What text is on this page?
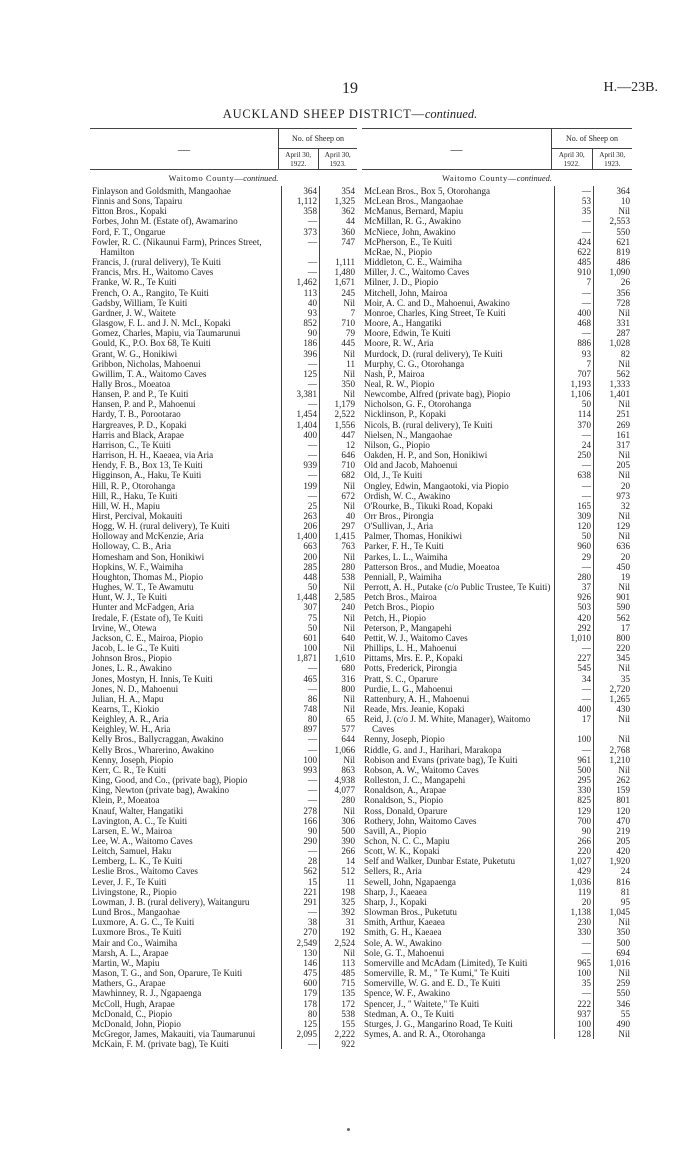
19	H.—23B.
AUCKLAND SHEEP DISTRICT—continued.
—
No. of Sheep on
April 30, 1922.
April 30, 1923.
Waitomo County—continued.
Finlayson and Goldsmith, Mangaohae	364	354
Finnis and Sons, Tapairu	1,112	1,325
Fitton Bros., Kopaki	358	362
Forbes, John M. (Estate of), Awamarino	—	44
Ford, F. T., Ongarue	373	360
Fowler, R. C. (Nikaunui Farm), Princes Street, Hamilton
—	747
Francis, J. (rural delivery), Te Kuiti	—	1,111
Francis, Mrs. H., Waitomo Caves	—	1,480
Franke, W. R., Te Kuiti	1,462	1,671
French, O. A., Rangito, Te Kuiti	113	245
Gadsby, William, Te Kuiti	40	Nil
Gardner, J. W., Waitete	93	7
Glasgow, F. L. and J. N. McI., Kopaki	852	710
Gomez, Charles, Mapiu, via Taumarunui	90	79
Gould, K., P.O. Box 68, Te Kuiti	186	445
Grant, W. G., Honikiwi	396	Nil
Gribbon, Nicholas, Mahoenui	—	11
Gwillim, T. A., Waitomo Caves	125	Nil
Hally Bros., Moeatoa	—	350
Hansen, P. and P., Te Kuiti	3,381	Nil
Hansen, P. and P., Mahoenui	—	1,179
Hardy, T. B., Porootarao	1,454	2,522
Hargreaves, P. D., Kopaki	1,404	1,556
Harris and Black, Arapae	400	447
Harrison, C., Te Kuiti	—	12
Harrison, H. H., Kaeaea, via Aria	—	646
Hendy, F. B., Box 13, Te Kuiti	939	710
Higginson, A., Haku, Te Kuiti	—	682
Hill, R. P., Otorohanga	199	Nil
Hill, R., Haku, Te Kuiti	—	672
Hill, W. H., Mapiu	25	Nil
Hirst, Percival, Mokauiti	263	40
Hogg, W. H. (rural delivery), Te Kuiti	206	297
Holloway and McKenzie, Aria	1,400	1,415
Holloway, C. B., Aria	663	763
Homesham and Son, Honikiwi	200	Nil
Hopkins, W. F., Waimiha	285	280
Houghton, Thomas M., Piopio	448	538
Hughes, W. T., Te Awamutu	50	Nil
Hunt, W. J., Te Kuiti	1,448	2,585
Hunter and McFadgen, Aria	307	240
Iredale, F. (Estate of), Te Kuiti	75	Nil
Irvine, W., Otewa	50	Nil
Jackson, C. E., Mairoa, Piopio	601	640
Jacob, L. le G., Te Kuiti	100	Nil
Johnson Bros., Piopio	1,871	1,610
Jones, L. R., Awakino	—	680
Jones, Mostyn, H. Innis, Te Kuiti	465	316
Jones, N. D., Mahoenui	—	800
Julian, H. A., Mapu	86	Nil
Kearns, T., Kiokio	748	Nil
Keighley, A. R., Aria	80	65
Keighley, W. H., Aria	897	577
Kelly Bros., Ballycraggan, Awakino	—	644
Kelly Bros., Wharerino, Awakino	—	1,066
Kenny, Joseph, Piopio	100	Nil
Kerr, C. R., Te Kuiti	993	863
King, Good, and Co., (private bag), Piopio	—	4,938
King, Newton (private bag), Awakino	—	4,077
Klein, P., Moeatoa	—	280
Knauf, Walter, Hangatiki	278	Nil
Lavington, A. C., Te Kuiti	166	306
Larsen, E. W., Mairoa	90	500
Lee, W. A., Waitomo Caves	290	390
Leitch, Samuel, Haku	—	266
Lemberg, L. K., Te Kuiti	28	14
Leslie Bros., Waitomo Caves	562	512
Lever, J. F., Te Kuiti	15	11
Livingstone, R., Piopio	221	198
Lowman, J. B. (rural delivery), Waitanguru	291	325
Lund Bros., Mangaohae	—	392
Luxmore, A. G. C., Te Kuiti	38	31
Luxmore Bros., Te Kuiti	270	192
Mair and Co., Waimiha	2,549	2,524
Marsh, A. L., Arapae	130	Nil
Martin, W., Mapiu	146	113
Mason, T. G., and Son, Oparure, Te Kuiti	475	485
Mathers, G., Arapae	600	715
Mawhinney, R. J., Ngapaenga	179	135
McColl, Hugh, Arapae	178	172
McDonald, C., Piopio	80	538
McDonald, John, Piopio	125	155
McGregor, James, Makauiti, via Taumarunui	2,095	2,222
McKain, F. M. (private bag), Te Kuiti	—	922
—
No. of Sheep on
April 30, 1922.
April 30, 1923.
Waitomo County—continued.
McLean Bros., Box 5, Otorohanga	—	364
McLean Bros., Mangaohae	53	10
McManus, Bernard, Mapiu	35	Nil
McMillan, R. G., Awakino	—	2,553
McNiece, John, Awakino	—	550
McPherson, E., Te Kuiti	424	621
McRae, N., Piopio	622	819
Middleton, C. E., Waimiha	485	486
Miller, J. C., Waitomo Caves	910	1,090
Milner, J. D., Piopio	7	26
Mitchell, John, Mairoa	—	356
Moir, A. C. and D., Mahoenui, Awakino	—	728
Monroe, Charles, King Street, Te Kuiti	400	Nil
Moore, A., Hangatiki	468	331
Moore, Edwin, Te Kuiti	—	287
Moore, R. W., Aria	886	1,028
Murdock, D. (rural delivery), Te Kuiti	93	82
Murphy, C. G., Otorohanga	7	Nil
Nash, P., Mairoa	707	562
Neal, R. W., Piopio	1,193	1,333
Newcombe, Alfred (private bag), Piopio	1,106	1,401
Nicholson, G. F., Otorohanga	50	Nil
Nicklinson, P., Kopaki	114	251
Nicols, B. (rural delivery), Te Kuiti	370	269
Nielsen, N., Mangaohae	—	161
Nilson, G., Piopio	24	317
Oakden, H. P., and Son, Honikiwi	250	Nil
Old and Jacob, Mahoenui	—	205
Old, J., Te Kuiti	638	Nil
Ongley, Edwin, Mangaotoki, via Piopio	—	20
Ordish, W. C., Awakino	—	973
O'Rourke, B., Tikuki Road, Kopaki	165	32
Orr Bros., Pirongia	309	Nil
O'Sullivan, J., Aria	120	129
Palmer, Thomas, Honikiwi	50	Nil
Parker, F. H., Te Kuiti	960	636
Parkes, L. L., Waimiha	29	20
Patterson Bros., and Mudie, Moeatoa	—	450
Penniall, P., Waimiha	280	19
Perrott, A. H., Putake (c/o Public Trustee, Te Kuiti)	37	Nil
Petch Bros., Mairoa	926	901
Petch Bros., Piopio	503	590
Petch, H., Piopio	420	562
Peterson, P., Mangapehi	292	17
Pettit, W. J., Waitomo Caves	1,010	800
Phillips, L. H., Mahoenui	—	220
Pittams, Mrs. E. P., Kopaki	227	345
Potts, Frederick, Pirongia	545	Nil
Pratt, S. C., Oparure	34	35
Purdie, L. G., Mahoenui	—	2,720
Rattenbury, A. H., Mahoenui	—	1,265
Reade, Mrs. Jeanie, Kopaki	400	430
Reid, J. (c/o J. M. White, Manager), Waitomo Caves
17	Nil
Renny, Joseph, Piopio	100	Nil
Riddle, G. and J., Harihari, Marakopa	—	2,768
Robison and Evans (private bag), Te Kuiti	961	1,210
Robson, A. W., Waitomo Caves	500	Nil
Rolleston, J. C., Mangapehi	295	262
Ronaldson, A., Arapae	330	159
Ronaldson, S., Piopio	825	801
Ross, Donald, Oparure	129	120
Rothery, John, Waitomo Caves	700	470
Savill, A., Piopio	90	219
Schon, N. C. C., Mapiu	266	205
Scott, W. K., Kopaki	220	420
Self and Walker, Dunbar Estate, Puketutu	1,027	1,920
Sellers, R., Aria	429	24
Sewell, John, Ngapaenga	1,036	816
Sharp, J., Kaeaea	119	81
Sharp, J., Kopaki	20	95
Slowman Bros., Puketutu	1,138	1,045
Smith, Arthur, Kaeaea	230	Nil
Smith, G. H., Kaeaea	330	350
Sole, A. W., Awakino	—	500
Sole, G. T., Mahoenui	—	694
Somerville and McAdam (Limited), Te Kuiti	965	1,016
Somerville, R. M., " Te Kumi," Te Kuiti	100	Nil
Somerville, W. G. and E. D., Te Kuiti	35	259
Spence, W. F., Awakino	—	550
Spencer, J., " Waitete," Te Kuiti	222	346
Stedman, A. O., Te Kuiti	937	55
Sturges, J. G., Mangarino Road, Te Kuiti	100	490
Symes, A. and R. A., Otorohanga	128	Nil
